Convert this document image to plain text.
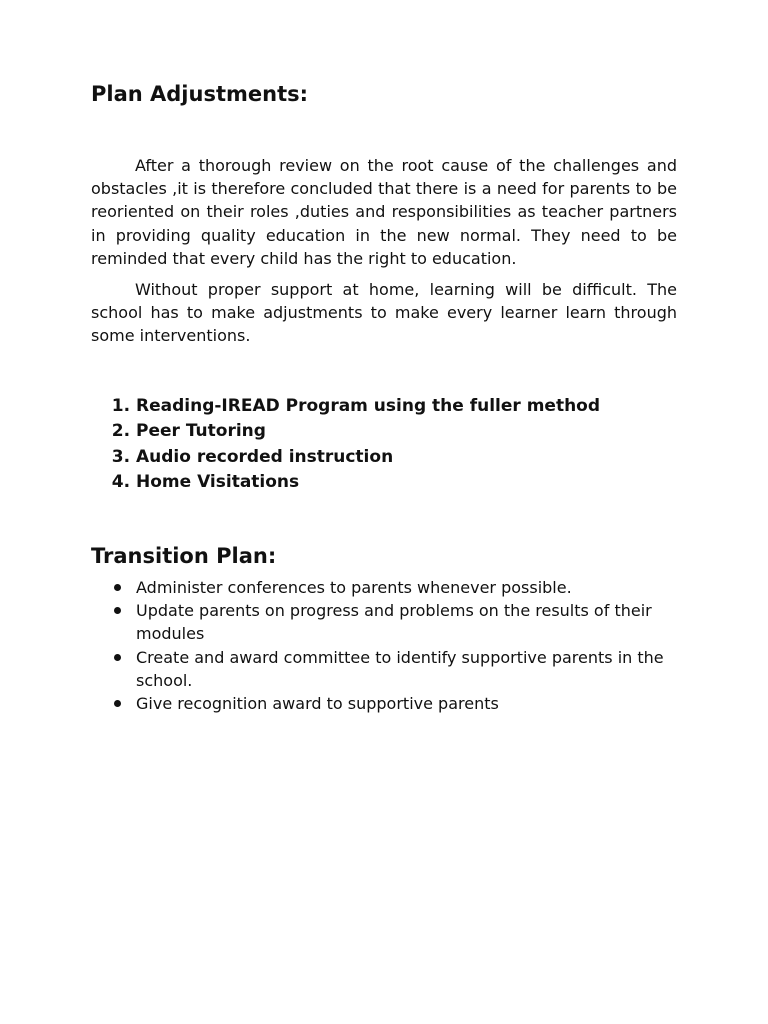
Plan Adjustments:

After a thorough review on the root cause of the challenges and obstacles ,it is therefore concluded that there is a need for parents to be reoriented on their roles ,duties and responsibilities as teacher partners in providing quality education in the new normal. They need to be reminded that every child has the right to education.

Without proper support at home, learning will be difficult. The school has to make adjustments to make every learner learn through some interventions.

1. Reading-IREAD Program using the fuller method
2. Peer Tutoring
3. Audio recorded instruction
4. Home Visitations
Transition Plan:
Administer conferences to parents whenever possible.
Update parents on progress and problems on the results of their modules
Create and award committee to identify supportive parents in the school.
Give recognition award to supportive parents
